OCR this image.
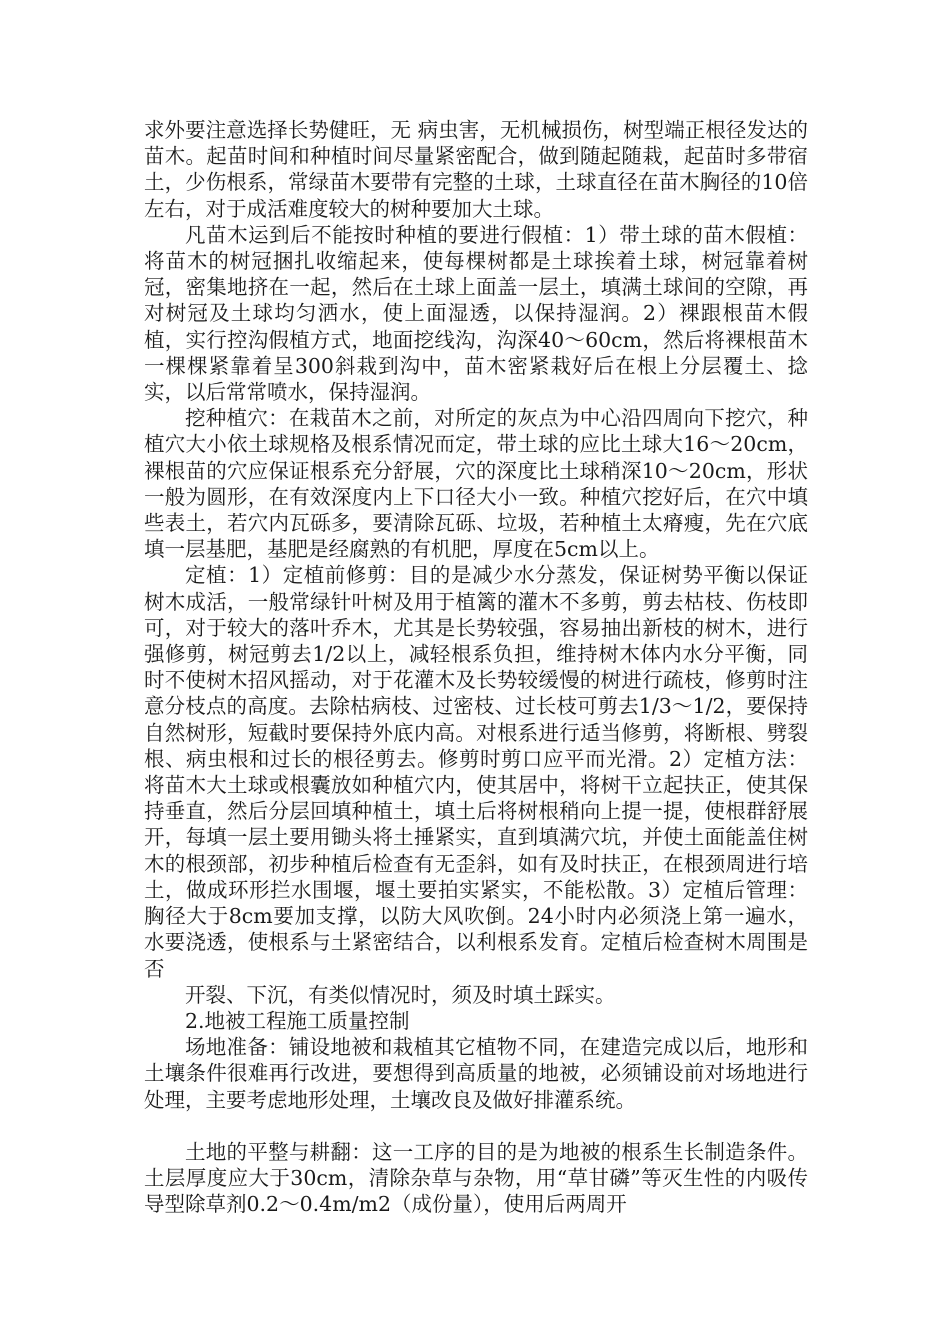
求外要注意选择长势健旺，无 病虫害，无机械损伤，树型端正根径发达的苗木。起苗时间和种植时间尽量紧密配合，做到随起随栽，起苗时多带宿土，少伤根系，常绿苗木要带有完整的土球，土球直径在苗木胸径的10倍左右，对于成活难度较大的树种要加大土球。

凡苗木运到后不能按时种植的要进行假植：1）带土球的苗木假植：将苗木的树冠捆扎收缩起来，使每棵树都是土球挨着土球，树冠靠着树冠，密集地挤在一起，然后在土球上面盖一层土，填满土球间的空隙，再对树冠及土球均匀洒水，使上面湿透，以保持湿润。2）裸跟根苗木假植，实行控沟假植方式，地面挖线沟，沟深40～60cm，然后将裸根苗木一棵棵紧靠着呈300斜栽到沟中，苗木密紧栽好后在根上分层覆土、捻实，以后常常喷水，保持湿润。

挖种植穴：在栽苗木之前，对所定的灰点为中心沿四周向下挖穴，种植穴大小依土球规格及根系情况而定，带土球的应比土球大16～20cm，裸根苗的穴应保证根系充分舒展，穴的深度比土球稍深10～20cm，形状一般为圆形，在有效深度内上下口径大小一致。种植穴挖好后，在穴中填些表土，若穴内瓦砾多，要清除瓦砾、垃圾，若种植土太瘠瘦，先在穴底填一层基肥，基肥是经腐熟的有机肥，厚度在5cm以上。

定植：1）定植前修剪：目的是减少水分蒸发，保证树势平衡以保证树木成活，一般常绿针叶树及用于植篱的灌木不多剪，剪去枯枝、伤枝即可，对于较大的落叶乔木，尤其是长势较强，容易抽出新枝的树木，进行强修剪，树冠剪去1/2以上，减轻根系负担，维持树木体内水分平衡，同时不使树木招风摇动，对于花灌木及长势较缓慢的树进行疏枝，修剪时注意分枝点的高度。去除枯病枝、过密枝、过长枝可剪去1/3～1/2，要保持自然树形，短截时要保持外底内高。对根系进行适当修剪，将断根、劈裂根、病虫根和过长的根径剪去。修剪时剪口应平而光滑。2）定植方法：将苗木大土球或根囊放如种植穴内，使其居中，将树干立起扶正，使其保持垂直，然后分层回填种植土，填土后将树根稍向上提一提，使根群舒展开，每填一层土要用锄头将土捶紧实，直到填满穴坑，并使土面能盖住树木的根颈部，初步种植后检查有无歪斜，如有及时扶正，在根颈周进行培土，做成环形拦水围堰，堰土要拍实紧实，不能松散。3）定植后管理：胸径大于8cm要加支撑，以防大风吹倒。24小时内必须浇上第一遍水，水要浇透，使根系与土紧密结合，以利根系发育。定植后检查树木周围是否

开裂、下沉，有类似情况时，须及时填土踩实。

2.地被工程施工质量控制

场地准备：铺设地被和栽植其它植物不同，在建造完成以后，地形和土壤条件很难再行改进，要想得到高质量的地被，必须铺设前对场地进行处理，主要考虑地形处理，土壤改良及做好排灌系统。

土地的平整与耕翻：这一工序的目的是为地被的根系生长制造条件。土层厚度应大于30cm，清除杂草与杂物，用“草甘磷”等灭生性的内吸传导型除草剂0.2～0.4m/m2（成份量），使用后两周开
